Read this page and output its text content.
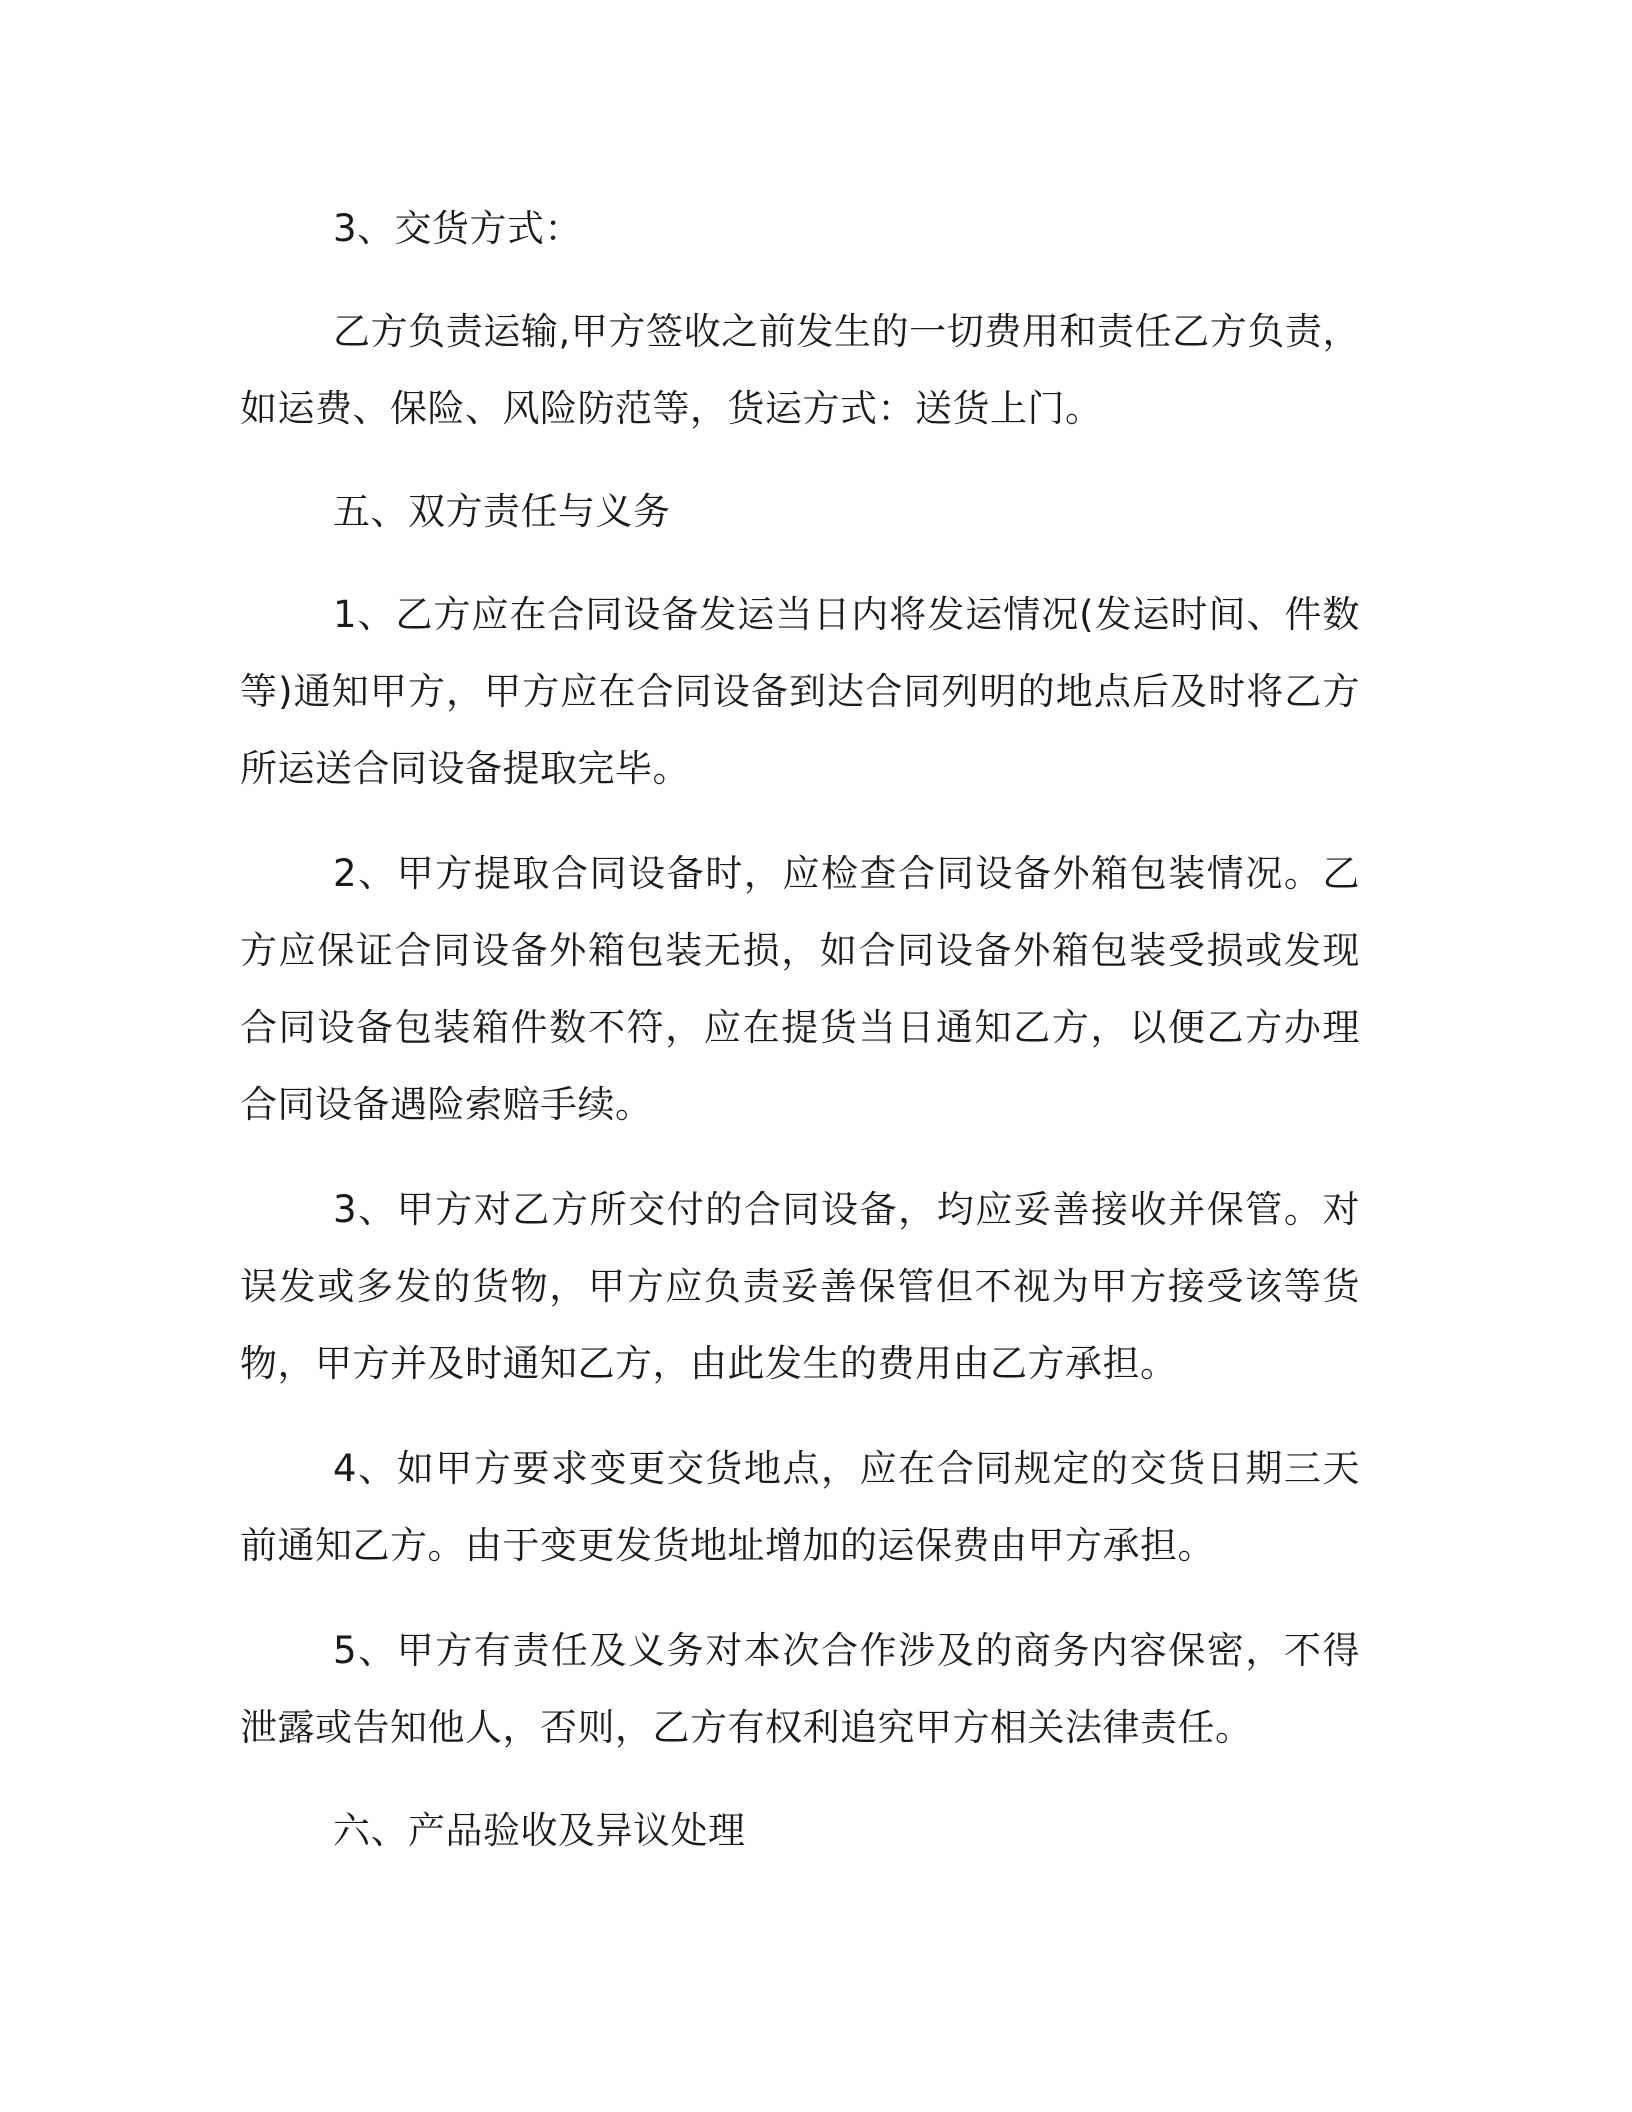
3、交货方式：

乙方负责运输,甲方签收之前发生的一切费用和责任乙方负责，如运费、保险、风险防范等，货运方式：送货上门。

五、双方责任与义务

1、乙方应在合同设备发运当日内将发运情况(发运时间、件数等)通知甲方，甲方应在合同设备到达合同列明的地点后及时将乙方所运送合同设备提取完毕。

2、甲方提取合同设备时，应检查合同设备外箱包装情况。乙方应保证合同设备外箱包装无损，如合同设备外箱包装受损或发现合同设备包装箱件数不符，应在提货当日通知乙方，以便乙方办理合同设备遇险索赔手续。

3、甲方对乙方所交付的合同设备，均应妥善接收并保管。对误发或多发的货物，甲方应负责妥善保管但不视为甲方接受该等货物，甲方并及时通知乙方，由此发生的费用由乙方承担。

4、如甲方要求变更交货地点，应在合同规定的交货日期三天前通知乙方。由于变更发货地址增加的运保费由甲方承担。

5、甲方有责任及义务对本次合作涉及的商务内容保密，不得泄露或告知他人，否则，乙方有权利追究甲方相关法律责任。

六、产品验收及异议处理
